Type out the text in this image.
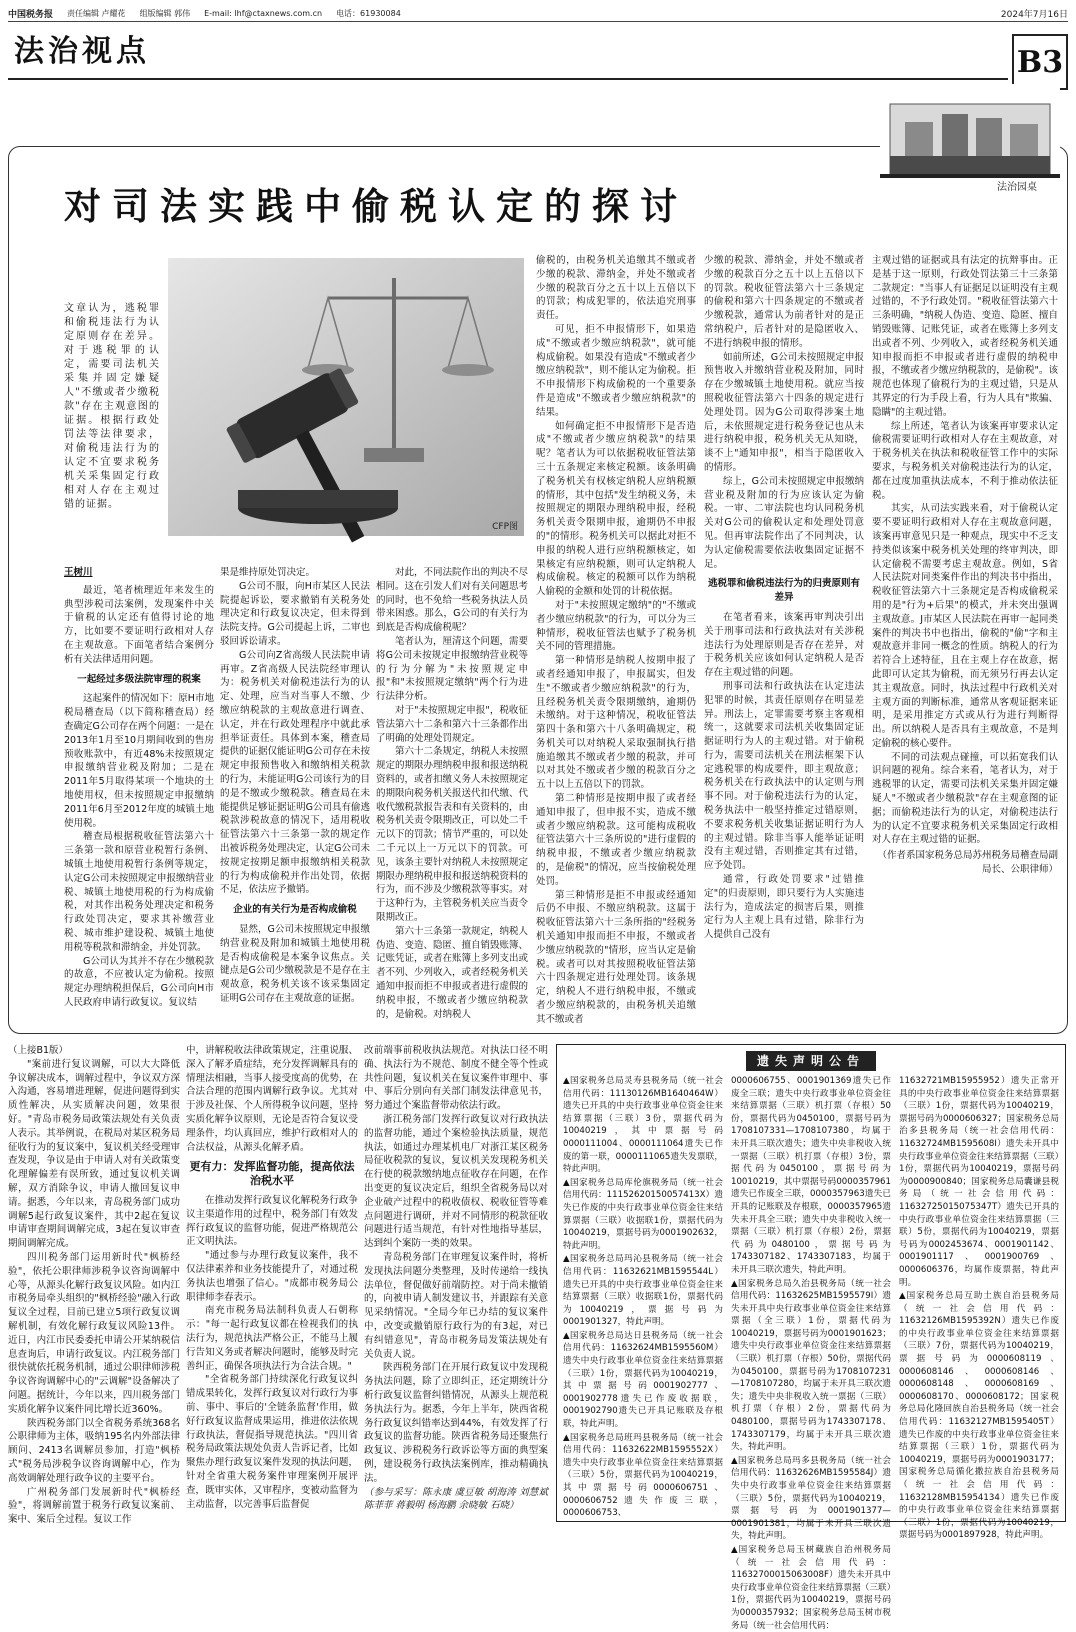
中国税务报 责任编辑 卢耀花 组版编辑 郭伟 E-mail: lhf@ctaxnews.com.cn 电话：61930084	2024年7月16日
法治视点	B3
法治园桌
对司法实践中偷税认定的探讨
文章认为，逃税罪和偷税违法行为认定原则存在差异。对于逃税罪的认定，需要司法机关采集并固定嫌疑人"不缴或者少缴税款"存在主观意图的证据。根据行政处罚法等法律要求，对偷税违法行为的认定不宜要求税务机关采集固定行政相对人存在主观过错的证据。
CFP图

王树川

最近，笔者梳理近年来发生的典型涉税司法案例，发现案件中关于偷税的认定还有值得讨论的地方，比如要不要证明行政相对人存在主观故意。下面笔者结合案例分析有关法律适用问题。

一起经过多级法院审理的税案

这起案件的情况如下：原H市地税局稽查局（以下简称稽查局）经查确定G公司存在两个问题：一是在2013年1月至10月期间收到的售房预收账款中，有近48%未按照规定申报缴纳营业税及附加；二是在2011年5月取得某项一个地块的土地使用权，但未按照规定申报缴纳2011年6月至2012年度的城镇土地使用税。

稽查局根据税收征管法第六十三条第一款和原营业税暂行条例、城镇土地使用税暂行条例等规定，认定G公司未按照规定申报缴纳营业税、城镇土地使用税的行为构成偷税，对其作出税务处理决定和税务行政处罚决定，要求其补缴营业税、城市维护建设税、城镇土地使用税等税款和滞纳金，并处罚款。

G公司认为其并不存在少缴税款的故意，不应被认定为偷税。按照规定办理纳税担保后，G公司向H市人民政府申请行政复议。复议结

果是维持原处罚决定。

G公司不服，向H市某区人民法院提起诉讼，要求撤销有关税务处理决定和行政复议决定，但未得到法院支持。G公司提起上诉，二审也驳回诉讼请求。

G公司向Z省高级人民法院申请再审。Z省高级人民法院经审理认为：税务机关对偷税违法行为的认定、处理，应当对当事人不缴、少缴应纳税款的主观故意进行调查、认定，并在行政处理程序中就此承担举证责任。具体到本案，稽查局提供的证据仅能证明G公司存在未按规定申报预售收入和缴纳相关税款的行为，未能证明G公司该行为的目的是不缴或少缴税款。稽查局在未能提供足够证据证明G公司具有偷逃税款涉税故意的情况下，适用税收征管法第六十三条第一款的规定作出被诉税务处理决定，认定G公司未按规定按期足额申报缴纳相关税款的行为构成偷税并作出处罚，依据不足，依法应予撤销。

企业的有关行为是否构成偷税

显然，G公司未按照规定申报缴纳营业税及附加和城镇土地使用税是否构成偷税是本案争议焦点。关键点是G公司少缴税款是不是存在主观故意，税务机关该不该采集固定证明G公司存在主观故意的证据。

对此，不同法院作出的判决不尽相同。这在引发人们对有关问题思考的同时，也不免给一些税务执法人员带来困惑。那么，G公司的有关行为到底是否构成偷税呢？

笔者认为，厘清这个问题，需要将G公司未按规定申报缴纳营业税等的行为分解为"未按照规定申报"和"未按照规定缴纳"两个行为进行法律分析。

对于"未按照规定申报"，税收征管法第六十二条和第六十三条都作出了明确的处理处罚规定。

第六十二条规定，纳税人未按照规定的期限办理纳税申报和报送纳税资料的，或者扣缴义务人未按照规定的期限向税务机关报送代扣代缴、代收代缴税款报告表和有关资料的，由税务机关责令限期改正，可以处二千元以下的罚款；情节严重的，可以处二千元以上一万元以下的罚款。可见，该条主要针对纳税人未按照规定期限办理纳税申报和报送纳税资料的行为，而不涉及少缴税款等事实。对于这种行为，主管税务机关应当责令限期改正。

第六十三条第一款规定，纳税人伪造、变造、隐匿、擅自销毁账簿、记账凭证，或者在账簿上多列支出或者不列、少列收入，或者经税务机关通知申报而拒不申报或者进行虚假的纳税申报，不缴或者少缴应纳税款的，是偷税。对纳税人

偷税的，由税务机关追缴其不缴或者少缴的税款、滞纳金，并处不缴或者少缴的税款百分之五十以上五倍以下的罚款；构成犯罪的，依法追究刑事责任。

可见，拒不申报情形下，如果造成"不缴或者少缴应纳税款"，就可能构成偷税。如果没有造成"不缴或者少缴应纳税款"，则不能认定为偷税。拒不申报情形下构成偷税的一个重要条件是造成"不缴或者少缴应纳税款"的结果。

如何确定拒不申报情形下是否造成"不缴或者少缴应纳税款"的结果呢？笔者认为可以依据税收征管法第三十五条规定来核定税额。该条明确了税务机关有权核定纳税人应纳税额的情形，其中包括"发生纳税义务，未按照规定的期限办理纳税申报，经税务机关责令限期申报，逾期仍不申报的"的情形。税务机关可以据此对拒不申报的纳税人进行应纳税额核定，如果核定有应纳税额，则可认定纳税人构成偷税。核定的税额可以作为纳税人偷税的金额和处罚的计税依据。

对于"未按照规定缴纳"的"不缴或者少缴应纳税款"的行为，可以分为三种情形，税收征管法也赋予了税务机关不同的管理措施。

第一种情形是纳税人按期申报了或者经通知申报了，申报属实，但发生"不缴或者少缴应纳税款"的行为，且经税务机关责令限期缴纳，逾期仍未缴纳。对于这种情况，税收征管法第四十条和第六十八条明确规定，税务机关可以对纳税人采取强制执行措施追缴其不缴或者少缴的税款，并可以对其处不缴或者少缴的税款百分之五十以上五倍以下的罚款。

第二种情形是按期申报了或者经通知申报了，但申报不实，造成不缴或者少缴应纳税款。这可能构成税收征管法第六十三条所说的"进行虚假的纳税申报，不缴或者少缴应纳税款的，是偷税"的情况，应当按偷税处理处罚。

第三种情形是拒不申报或经通知后仍不申报、不缴应纳税款。这属于税收征管法第六十三条所指的"经税务机关通知申报而拒不申报，不缴或者少缴应纳税款的"情形，应当认定是偷税。或者可以对其按照税收征管法第六十四条规定进行处理处罚。该条规定，纳税人不进行纳税申报，不缴或者少缴应纳税款的，由税务机关追缴其不缴或者

少缴的税款、滞纳金，并处不缴或者少缴的税款百分之五十以上五倍以下的罚款。税收征管法第六十三条规定的偷税和第六十四条规定的不缴或者少缴税款，通常认为前者针对的是正常纳税户，后者针对的是隐匿收入、不进行纳税申报的情形。

如前所述，G公司未按照规定申报预售收入并缴纳营业税及附加，同时存在少缴城镇土地使用税。就应当按照税收征管法第六十四条的规定进行处理处罚。因为G公司取得涉案土地后，未依照规定进行税务登记也从未进行纳税申报，税务机关无从知晓，谈不上"通知申报"，相当于隐匿收入的情形。

综上，G公司未按照规定申报缴纳营业税及附加的行为应该认定为偷税。一审、二审法院也均认同税务机关对G公司的偷税认定和处理处罚意见。但再审法院作出了不同判决，认为认定偷税需要依法收集固定证据不足。

逃税罪和偷税违法行为的归责原则有差异

在笔者看来，该案再审判决引出关于刑事司法和行政执法对有关涉税违法行为处理原则是否存在差异，对于税务机关应该如何认定纳税人是否存在主观过错的问题。

刑事司法和行政执法在认定违法犯罪的时候，其责任原则存在明显差异。刑法上，定罪需要考察主客观相统一，这就要求司法机关收集固定证据证明行为人的主观过错。对于偷税行为，需要司法机关在刑法框架下认定逃税罪的构成要件，即主观故意；税务机关在行政执法中的认定则与刑事不同。对于偷税违法行为的认定，税务执法中一般坚持推定过错原则，不要求税务机关收集证据证明行为人的主观过错。除非当事人能举证证明没有主观过错，否则推定其有过错，应予处罚。

通常，行政处罚要求"过错推定"的归责原则，即只要行为人实施违法行为，造成法定的损害后果，则推定行为人主观上具有过错，除非行为人提供自己没有

主观过错的证据或具有法定的抗辩事由。正是基于这一原则，行政处罚法第三十三条第二款规定："当事人有证据足以证明没有主观过错的，不予行政处罚。"税收征管法第六十三条明确，"纳税人伪造、变造、隐匿、擅自销毁账簿、记账凭证，或者在账簿上多列支出或者不列、少列收入，或者经税务机关通知申报而拒不申报或者进行虚假的纳税申报，不缴或者少缴应纳税款的，是偷税"。该规范也体现了偷税行为的主观过错，只是从其界定的行为手段上看，行为人具有"欺骗、隐瞒"的主观过错。

综上所述，笔者认为该案再审要求认定偷税需要证明行政相对人存在主观故意，对于税务机关在执法和税收征管工作中的实际要求，与税务机关对偷税违法行为的认定，都在过度加重执法成本，不利于推动依法征税。

其实，从司法实践来看，对于偷税认定要不要证明行政相对人存在主观故意问题，该案再审意见只是一种观点，现实中不乏支持类似该案中税务机关处理的终审判决，即认定偷税不需要考虑主观故意。例如，S省人民法院对同类案件作出的判决书中指出，税收征管法第六十三条规定是否构成偷税采用的是"行为+后果"的模式，并未突出强调主观故意。J市某区人民法院在再审一起同类案件的判决书中也指出，偷税的"偷"字和主观故意并非同一概念的性质。纳税人的行为若符合上述特征，且在主观上存在故意，据此即可认定其为偷税，而无须另行再去认定其主观故意。同时，执法过程中行政机关对主观方面的判断标准，通常从客观证据来证明，是采用推定方式或从行为进行判断得出。所以纳税人是否具有主观故意，不是判定偷税的核心要件。

不同的司法观点碰撞，可以拓宽我们认识问题的视角。综合来看，笔者认为，对于逃税罪的认定，需要司法机关采集并固定嫌疑人"不缴或者少缴税款"存在主观意图的证据；而偷税违法行为的认定，对偷税违法行为的认定不宜要求税务机关采集固定行政相对人存在主观过错的证据。

（作者系国家税务总局苏州税务局稽查局副局长、公职律师）

（上接B1版）

"案前进行复议调解，可以大大降低争议解决成本，调解过程中，争议双方深入沟通，容易增进理解，促进问题得到实质性解决，从实质解决问题，效果很好。"青岛市税务局政策法规处有关负责人表示。其举例说，在税局对某区税务局征收行为的复议案中，复议机关经受理审查发现，争议是由于申请人对有关政策变化理解偏差有误所致，通过复议机关调解，双方消除争议，申请人撤回复议申请。据悉，今年以来，青岛税务部门成功调解5起行政复议案件，其中2起在复议申请审查期间调解完成，3起在复议审查期间调解完成。

四川税务部门运用新时代"枫桥经验"，依托公职律师涉税争议咨询调解中心等，从源头化解行政复议风险。如内江市税务局牵头组织的"枫桥经验"融入行政复议全过程，目前已建立5项行政复议调解机制，有效化解行政复议风险13件。近日，内江市民委委托申请公开某纳税信息查询后，申请行政复议。内江税务部门很快就依托税务机制，通过公职律师涉税争议咨询调解中心的"云调解"设备解决了问题。据统计，今年以来，四川税务部门实质化解争议案件同比增长近360%。

陕西税务部门以全省税务系统368名公职律师为主体，吸纳195名内外部法律顾问、2413名调解员参加，打造"枫桥式"税务局涉税争议咨询调解中心，作为高效调解处理行政争议的主要平台。

广州税务部门发展新时代"枫桥经验"，将调解前置于税务行政复议案前、案中、案后全过程。复议工作

中，讲解税收法律政策规定，注重说服、深入了解矛盾症结，充分发挥调解具有的情理法相融，当事人接受度高的优势，在合法合理的范围内调解行政争议。尤其对于涉及社保、个人所得税争议问题，坚持实质化解争议原则，无论是否符合复议受理条件，均认真回应，维护行政相对人的合法权益，从源头化解矛盾。

更有力：发挥监督功能，提高依法治税水平

在推动发挥行政复议化解税务行政争议主渠道作用的过程中，税务部门有效发挥行政复议的监督功能，促进严格规范公正文明执法。

"通过参与办理行政复议案件，我不仅法律素养和业务技能提升了，对通过税务执法也增强了信心。"成都市税务局公职律师李春表示。

南充市税务局法制科负责人石朝称示："每一起行政复议都在检视我们的执法行为，规范执法严格公正，不能马上履行告知义务或者解决问题时，能够及时完善纠正，确保各项执法行为合法合规。"

"全省税务部门持续深化行政复议纠错成果转化，发挥行政复议对行政行为事前、事中、事后的'全链条监督'作用，做好行政复议监督成果运用，推进依法依规行政执法，督促指导规范执法。"四川省税务局政策法规处负责人告诉记者，比如聚焦办理行政复议案件发现的执法问题，针对全省重大税务案件审理案例开展评查，既审实体，又审程序，变被动监督为主动监督，以完善事后监督促

改前端事前税收执法规范。对执法口径不明确、执法行为不规范、制度不健全等个性或共性问题，复议机关在复议案件审理中、事中、事后分别向有关部门制发法律意见书，努力通过个案监督带动依法行政。

浙江税务部门发挥行政复议对行政执法的监督功能，通过个案检验执法质量，规范执法，如通过办理某机电厂对浙江某区税务局征收税款的复议，复议机关发现税务机关在行使的税款缴纳地点征收存在问题，在作出变更的复议决定后，组织全省税务局以对企业破产过程中的税收债权、税收征管等难点问题进行调研，并对不同情形的税款征收问题进行适当规范，有针对性地指导基层，达到纠个案防一类的效果。

青岛税务部门在审理复议案件时，将析发现执法问题分类整理，及时传递给一线执法单位，督促做好前端防控。对于尚未撤销的，向被申请人制发建议书，并跟踪有关意见采纳情况。"全局今年已办结的复议案件中，改变或撤销原行政行为的有3起，对已有纠错意见"，青岛市税务局发策法规处有关负责人说。

陕西税务部门在开展行政复议中发现税务执法问题，除了立即纠正，还定期统计分析行政复议监督纠错情况，从源头上规范税务执法行为。据悉，今年上半年，陕西省税务行政复议纠错率达到44%，有效发挥了行政复议的监督功能。陕西省税务局还聚焦行政复议、涉税税务行政诉讼等方面的典型案例，建设税务行政执法案例库，推动精确执法。

（参与采写：陈永康 虞豆敏 胡海涛 刘慧斌 陈菲菲 蒋毅明 杨海鹏 余晓敏 石晓）

遗失声明公告

▲国家税务总局灵寿县税务局（统一社会信用代码：11130126MB1640464W）遗失已开具的中央行政事业单位资金往来结算票据（三联）3份，票据代码为10040219，其中票据号码0000111004、0000111064遗失已作废的第一联，0000111065遗失发票联，特此声明。

▲国家税务总局库伦旗税务局（统一社会信用代码：11152620150057413X）遗失已作废的中央行政事业单位资金往来结算票据（三联）收据联1份，票据代码为10040219，票据号码为0001902632，特此声明。

▲国家税务总局玛沁县税务局（统一社会信用代码：11632621MB1595544L）遗失已开具的中央行政事业单位资金往来结算票据（三联）收据联1份，票据代码为10040219，票据号码为0001901327，特此声明。

▲国家税务总局达日县税务局（统一社会信用代码：11632624MB1595560M）遗失中央行政事业单位资金往来结算票据（三联）1份，票据代码为10040219，其中票据号码0001902777、0001902778遗失已作废收据联，0001902790遗失已开具记账联及存根联，特此声明。

▲国家税务总局班玛县税务局（统一社会信用代码：11632622MB1595552X）遗失中央行政事业单位资金往来结算票据（三联）5份，票据代码为10040219，其中票据号码0000606751、0000606752遗失作废三联，0000606753、

0000606755、0001901369遗失已作废全三联；遗失中央行政事业单位资金往来结算票据（三联）机打票（存根）50份，票据代码为0450100，票据号码为1708107331—1708107380，均属于未开具三联次遗失；遗失中央非税收入统一票据（三联）机打票（存根）3份，票据代码为0450100，票据号码为10010219，其中票据号码0000357961遗失已作废全三联，0000357963遗失已开具的记账联及存根联，0000357965遗失未开具全三联；遗失中央非税收入统一票据（三联）机打票（存根）2份，票据代码为0480100，票据号码为1743307182、1743307183，均属于未开具三联次遗失，特此声明。

▲国家税务总局久治县税务局（统一社会信用代码：11632625MB1595579I）遗失未开具中央行政事业单位资金往来结算票据（全三联）1份，票据代码为10040219，票据号码为0001901623；遗失中央行政事业单位资金往来结算票据（三联）机打票（存根）50份，票据代码为0450100，票据号码为1708107231—1708107280，均属于未开具三联次遗失；遗失中央非税收入统一票据（三联）机打票（存根）2份，票据代码为0480100，票据号码为1743307178、1743307179，均属于未开具三联次遗失，特此声明。

▲国家税务总局玛多县税务局（统一社会信用代码：11632626MB1595584J）遗失中央行政事业单位资金往来结算票据（三联）5份，票据代码为10040219，票据号码为0001901377—0001901381，均属于未开具三联次遗失，特此声明。

▲国家税务总局玉树藏族自治州税务局（统一社会信用代码：11632700015063008F）遗失未开具中央行政事业单位资金往来结算票据（三联）1份，票据代码为10040219，票据号码为0000357932；国家税务总局玉树市税务局（统一社会信用代码：

11632721MB15955952）遗失正常开具的中央行政事业单位资金往来结算票据（三联）1份，票据代码为10040219，票据号码为0000606327；国家税务总局治多县税务局（统一社会信用代码：11632724MB1595608I）遗失未开具中央行政事业单位资金往来结算票据（三联）1份，票据代码为10040219，票据号码为0000900840；国家税务总局囊谦县税务局（统一社会信用代码：11632725015075347T）遗失已开具的中央行政事业单位资金往来结算票据（三联）5份，票据代码为10040219，票据号码为0002453674、0001901142、0001901117、0001900769、0000606376，均属作废票据，特此声明。

▲国家税务总局互助土族自治县税务局（统一社会信用代码：11632126MB1595392N）遗失已作废的中央行政事业单位资金往来结算票据（三联）7份，票据代码为10040219，票据号码为0000608119、0000608146、0000608146、0000608148、0000608169、0000608170、0000608172；国家税务总局化隆回族自治县税务局（统一社会信用代码：11632127MB1595405T）遗失已作废的中央行政事业单位资金往来结算票据（三联）1份，票据代码为10040219，票据号码为0001903177；国家税务总局循化撒拉族自治县税务局（统一社会信用代码：11632128MB15954134）遗失已作废的中央行政事业单位资金往来结算票据（三联）1份，票据代码为10040219，票据号码为0001897928，特此声明。
